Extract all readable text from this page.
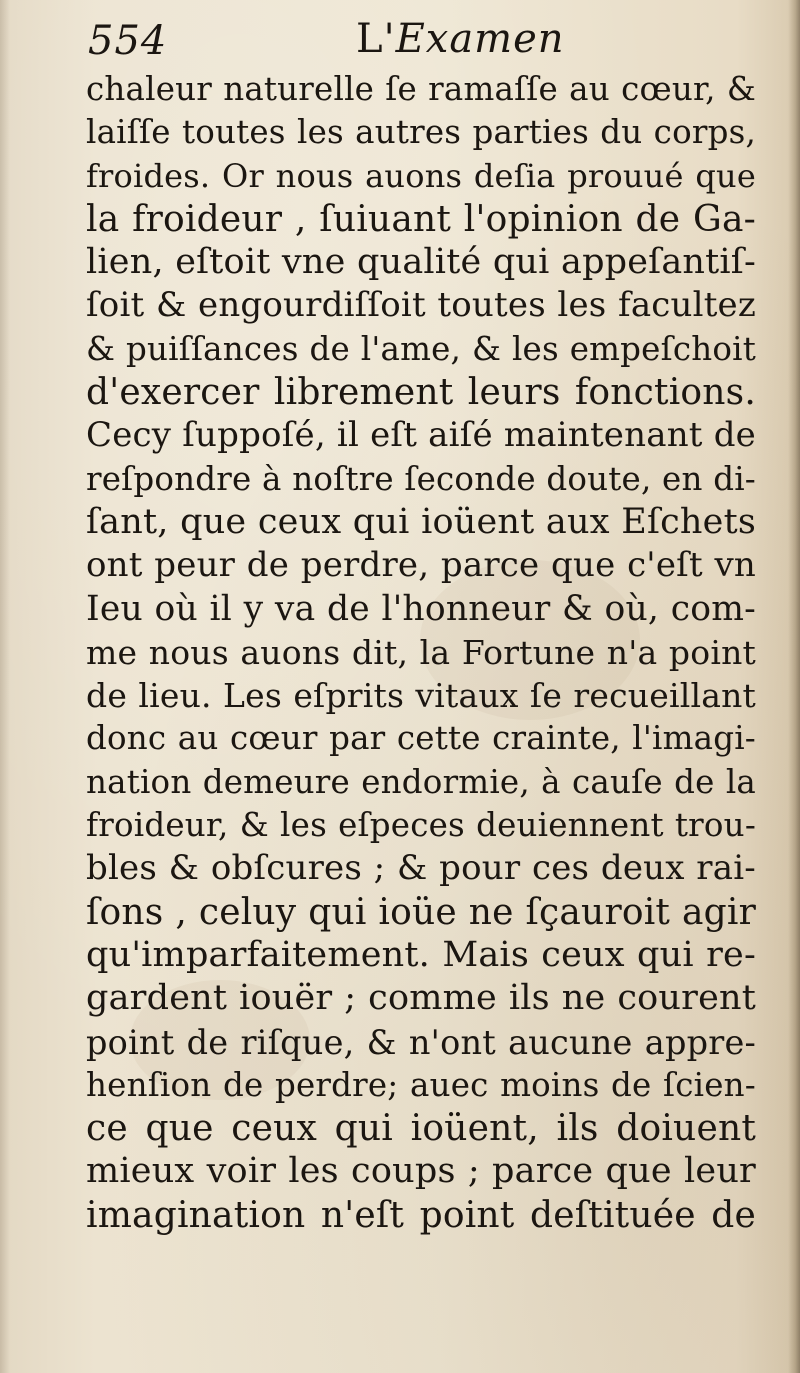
554	L'Examen
chaleur naturelle ſe ramaſſe au cœur, &
laiſſe toutes les autres parties du corps,
froides. Or nous auons deſia prouué que
la froideur , ſuiuant l'opinion de Ga-
lien, eſtoit vne qualité qui appeſantiſ-
ſoit & engourdiſſoit toutes les facultez
& puiſſances de l'ame, & les empeſchoit
d'exercer librement leurs fonctions.
Cecy ſuppoſé, il eſt aiſé maintenant de
reſpondre à noſtre ſeconde doute, en di-
ſant, que ceux qui ioüent aux Eſchets
ont peur de perdre, parce que c'eſt vn
Ieu où il y va de l'honneur & où, com-
me nous auons dit, la Fortune n'a point
de lieu. Les eſprits vitaux ſe recueillant
donc au cœur par cette crainte, l'imagi-
nation demeure endormie, à cauſe de la
froideur, & les eſpeces deuiennent trou-
bles & obſcures ; & pour ces deux rai-
ſons , celuy qui ioüe ne ſçauroit agir
qu'imparfaitement. Mais ceux qui re-
gardent iouër ; comme ils ne courent
point de riſque, & n'ont aucune appre-
henſion de perdre; auec moins de ſcien-
ce que ceux qui ioüent, ils doiuent
mieux voir les coups ; parce que leur
imagination n'eſt point deſtituée de
